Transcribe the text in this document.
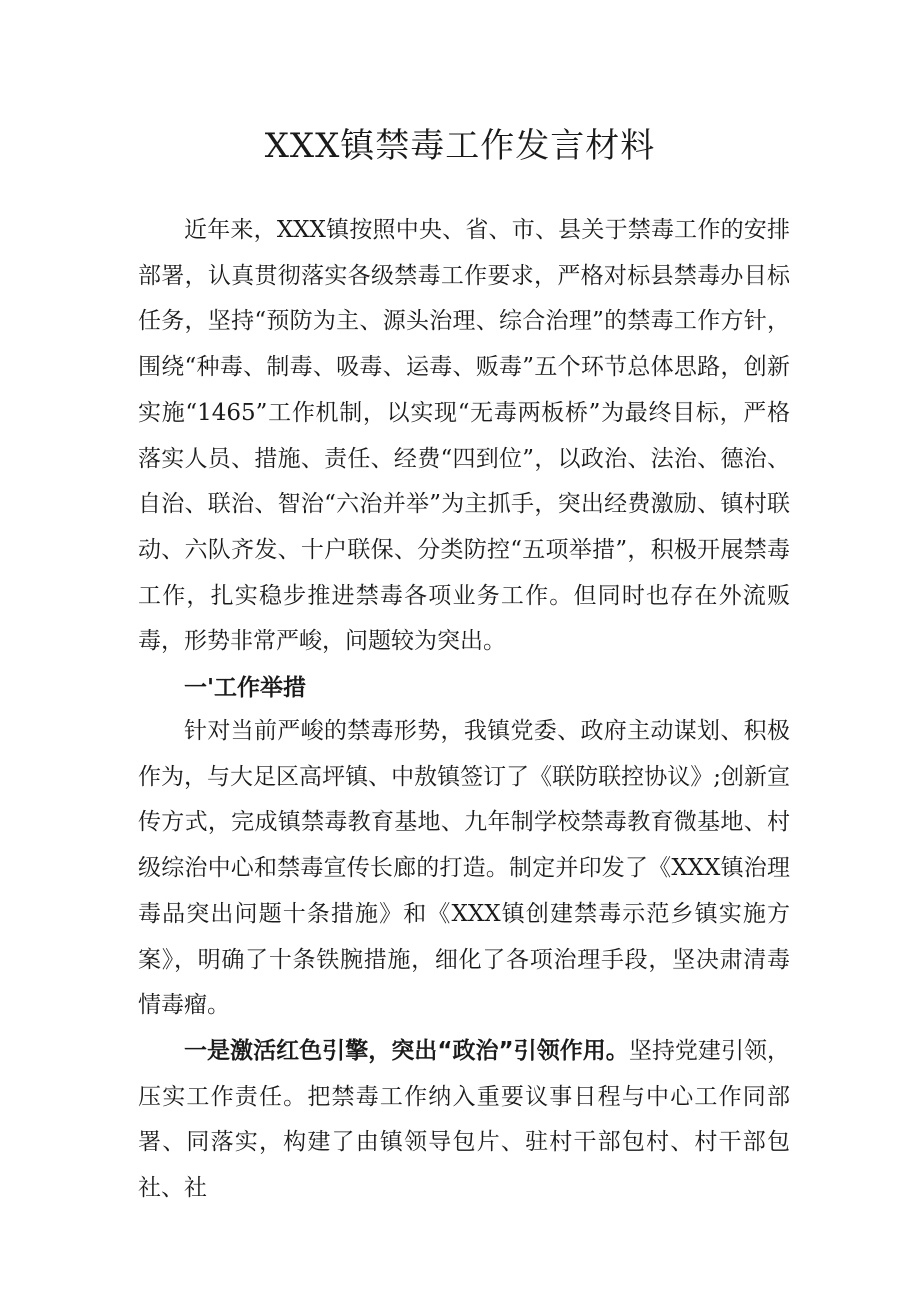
XXX镇禁毒工作发言材料

近年来，XXX镇按照中央、省、市、县关于禁毒工作的安排部署，认真贯彻落实各级禁毒工作要求，严格对标县禁毒办目标任务，坚持“预防为主、源头治理、综合治理”的禁毒工作方针，围绕“种毒、制毒、吸毒、运毒、贩毒”五个环节总体思路，创新实施“1465”工作机制，以实现“无毒两板桥”为最终目标，严格落实人员、措施、责任、经费“四到位”，以政治、法治、德治、自治、联治、智治“六治并举”为主抓手，突出经费激励、镇村联动、六队齐发、十户联保、分类防控“五项举措”，积极开展禁毒工作，扎实稳步推进禁毒各项业务工作。但同时也存在外流贩毒，形势非常严峻，问题较为突出。

一'工作举措

针对当前严峻的禁毒形势，我镇党委、政府主动谋划、积极作为，与大足区高坪镇、中敖镇签订了《联防联控协议》;创新宣传方式，完成镇禁毒教育基地、九年制学校禁毒教育微基地、村级综治中心和禁毒宣传长廊的打造。制定并印发了《XXX镇治理毒品突出问题十条措施》和《XXX镇创建禁毒示范乡镇实施方案》，明确了十条铁腕措施，细化了各项治理手段，坚决肃清毒情毒瘤。

一是激活红色引擎，突出“政治”引领作用。坚持党建引领，压实工作责任。把禁毒工作纳入重要议事日程与中心工作同部署、同落实，构建了由镇领导包片、驻村干部包村、村干部包社、社
